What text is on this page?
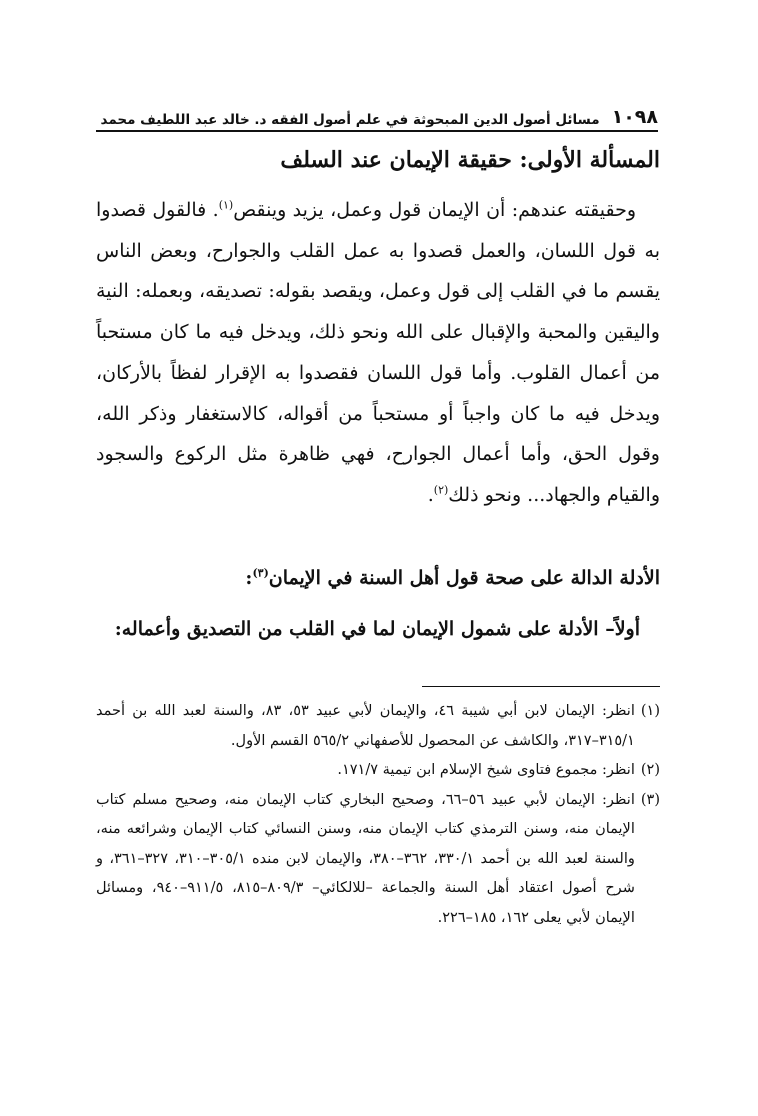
١٠٩٨
مسائل أصول الدين المبحوثة في علم أصول الفقه د. خالد عبد اللطيف محمد
المسألة الأولى: حقيقة الإيمان عند السلف

وحقيقته عندهم: أن الإيمان قول وعمل، يزيد وينقص$^{(١)}$. فالقول قصدوا به قول اللسان، والعمل قصدوا به عمل القلب والجوارح، وبعض الناس يقسم ما في القلب إلى قول وعمل، ويقصد بقوله: تصديقه، وبعمله: النية واليقين والمحبة والإقبال على الله ونحو ذلك، ويدخل فيه ما كان مستحباً من أعمال القلوب. وأما قول اللسان فقصدوا به الإقرار لفظاً بالأركان، ويدخل فيه ما كان واجباً أو مستحباً من أقواله، كالاستغفار وذكر الله، وقول الحق، وأما أعمال الجوارح، فهي ظاهرة مثل الركوع والسجود والقيام والجهاد... ونحو ذلك$^{(٢)}$.

الأدلة الدالة على صحة قول أهل السنة في الإيمان$^{(٣)}$:
أولاً– الأدلة على شمول الإيمان لما في القلب من التصديق وأعماله:
(١)
انظر: الإيمان لابن أبي شيبة ٤٦، والإيمان لأبي عبيد ٥٣، ٨٣، والسنة لعبد الله بن أحمد ٣١٥/١–٣١٧، والكاشف عن المحصول للأصفهاني ٥٦٥/٢ القسم الأول.
(٢)
انظر: مجموع فتاوى شيخ الإسلام ابن تيمية ١٧١/٧.
(٣)
انظر: الإيمان لأبي عبيد ٥٦–٦٦، وصحيح البخاري كتاب الإيمان منه، وصحيح مسلم كتاب الإيمان منه، وسنن الترمذي كتاب الإيمان منه، وسنن النسائي كتاب الإيمان وشرائعه منه، والسنة لعبد الله بن أحمد ٣٣٠/١، ٣٦٢–٣٨٠، والإيمان لابن منده ٣٠٥/١–٣١٠، ٣٢٧–٣٦١، و شرح أصول اعتقاد أهل السنة والجماعة –للالكائي– ٨٠٩/٣–٨١٥، ٩١١/٥–٩٤٠، ومسائل الإيمان لأبي يعلى ١٦٢، ١٨٥–٢٢٦.
